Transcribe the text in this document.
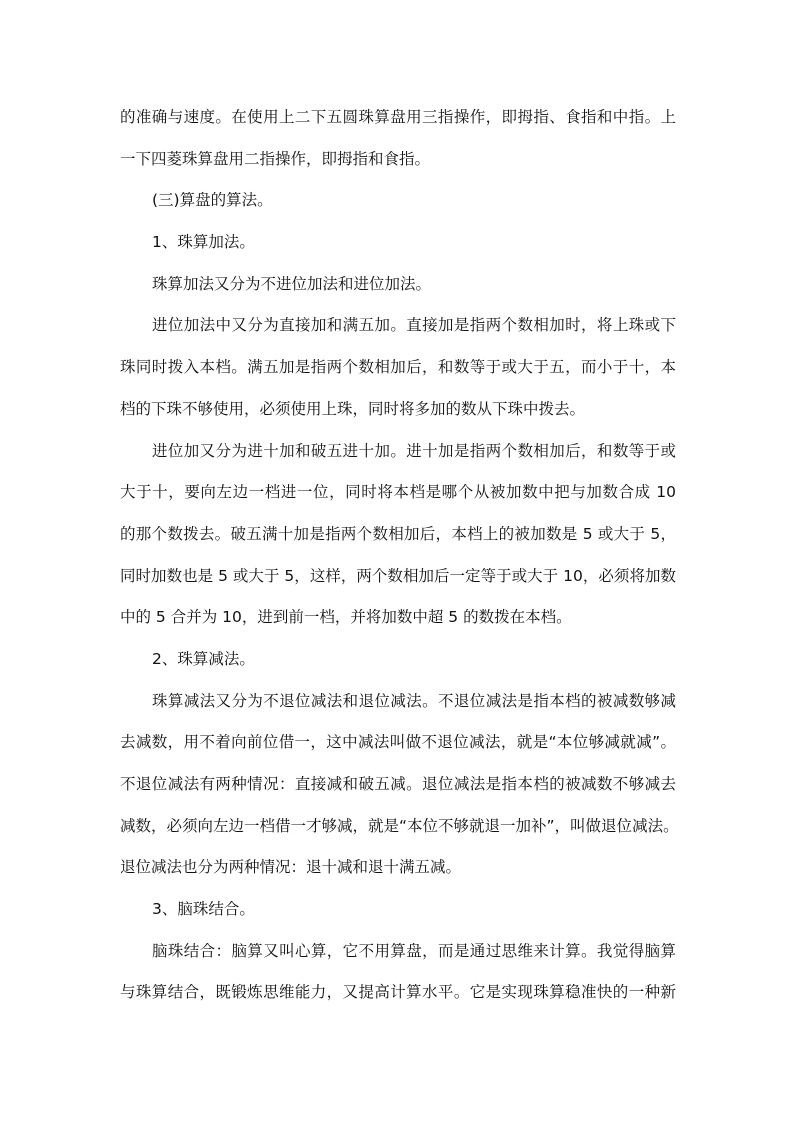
的准确与速度。在使用上二下五圆珠算盘用三指操作，即拇指、食指和中指。上
一下四菱珠算盘用二指操作，即拇指和食指。
(三)算盘的算法。
1、珠算加法。
珠算加法又分为不进位加法和进位加法。
进位加法中又分为直接加和满五加。直接加是指两个数相加时，将上珠或下
珠同时拨入本档。满五加是指两个数相加后，和数等于或大于五，而小于十，本
档的下珠不够使用，必须使用上珠，同时将多加的数从下珠中拨去。
进位加又分为进十加和破五进十加。进十加是指两个数相加后，和数等于或
大于十，要向左边一档进一位，同时将本档是哪个从被加数中把与加数合成 10
的那个数拨去。破五满十加是指两个数相加后，本档上的被加数是 5 或大于 5，
同时加数也是 5 或大于 5，这样，两个数相加后一定等于或大于 10，必须将加数
中的 5 合并为 10，进到前一档，并将加数中超 5 的数拨在本档。
2、珠算减法。
珠算减法又分为不退位减法和退位减法。不退位减法是指本档的被减数够减
去减数，用不着向前位借一，这中减法叫做不退位减法，就是“本位够减就减”。
不退位减法有两种情况：直接减和破五减。退位减法是指本档的被减数不够减去
减数，必须向左边一档借一才够减，就是“本位不够就退一加补”，叫做退位减法。
退位减法也分为两种情况：退十减和退十满五减。
3、脑珠结合。
脑珠结合：脑算又叫心算，它不用算盘，而是通过思维来计算。我觉得脑算
与珠算结合，既锻炼思维能力，又提高计算水平。它是实现珠算稳准快的一种新
